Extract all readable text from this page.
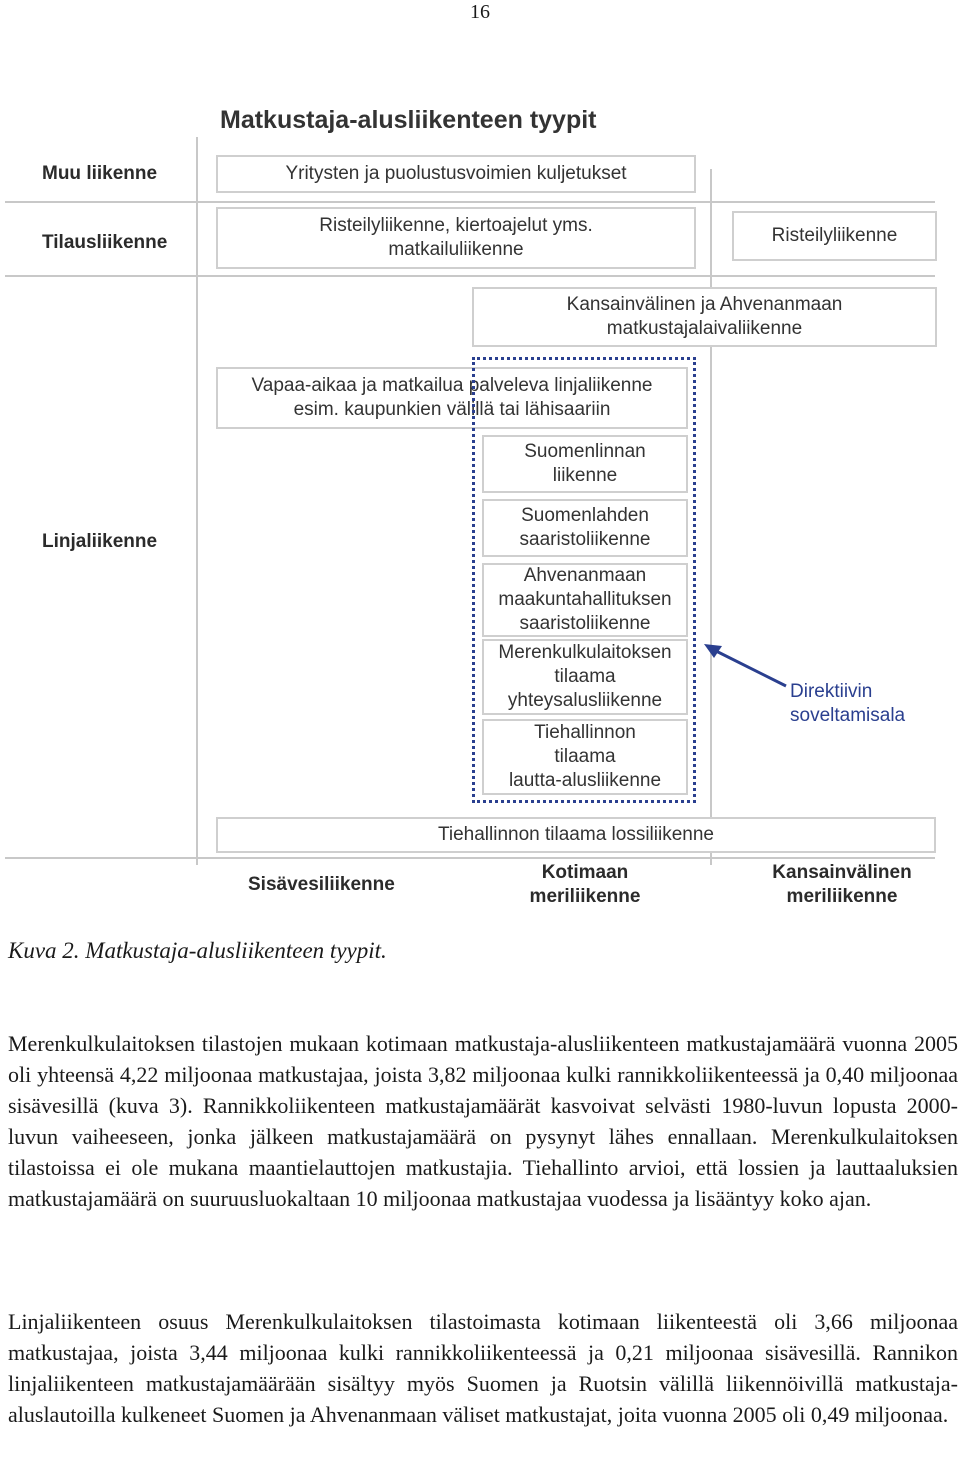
16
Matkustaja-alusliikenteen tyypit
Muu liikenne
Tilausliikenne
Linjaliikenne
Yritysten ja puolustusvoimien kuljetukset
Risteilyliikenne, kiertoajelut yms.
matkailuliikenne
Risteilyliikenne
Kansainvälinen ja Ahvenanmaan
matkustajalaivaliikenne
Vapaa-aikaa ja matkailua palveleva linjaliikenne
esim. kaupunkien välillä tai lähisaariin
Suomenlinnan
liikenne
Suomenlahden
saaristoliikenne
Ahvenanmaan
maakuntahallituksen
saaristoliikenne
Merenkulkulaitoksen
tilaama
yhteysalusliikenne
Tiehallinnon
tilaama
lautta-alusliikenne
Tiehallinnon tilaama lossiliikenne
Direktiivin
soveltamisala
Sisävesiliikenne
Kotimaan
meriliikenne
Kansainvälinen
meriliikenne
Kuva 2. Matkustaja-alusliikenteen tyypit.

Merenkulkulaitoksen tilastojen mukaan kotimaan matkustaja-alusliikenteen matkustajamäärä vuonna 2005 oli yhteensä 4,22 miljoonaa matkustajaa, joista 3,82 miljoonaa kulki rannikkoliikenteessä ja 0,40 miljoonaa sisävesillä (kuva 3). Rannikkoliikenteen matkustajamäärät kasvoivat selvästi 1980-luvun lopusta 2000-luvun vaiheeseen, jonka jälkeen matkustajamäärä on pysynyt lähes ennallaan. Merenkulkulaitoksen tilastoissa ei ole mukana maantielauttojen matkustajia. Tiehallinto arvioi, että lossien ja lauttaaluksien matkustajamäärä on suuruusluokaltaan 10 miljoonaa matkustajaa vuodessa ja lisääntyy koko ajan.

Linjaliikenteen osuus Merenkulkulaitoksen tilastoimasta kotimaan liikenteestä oli 3,66 miljoonaa matkustajaa, joista 3,44 miljoonaa kulki rannikkoliikenteessä ja 0,21 miljoonaa sisävesillä. Rannikon linjaliikenteen matkustajamäärään sisältyy myös Suomen ja Ruotsin välillä liikennöivillä matkustaja-aluslautoilla kulkeneet Suomen ja Ahvenanmaan väliset matkustajat, joita vuonna 2005 oli 0,49 miljoonaa.
